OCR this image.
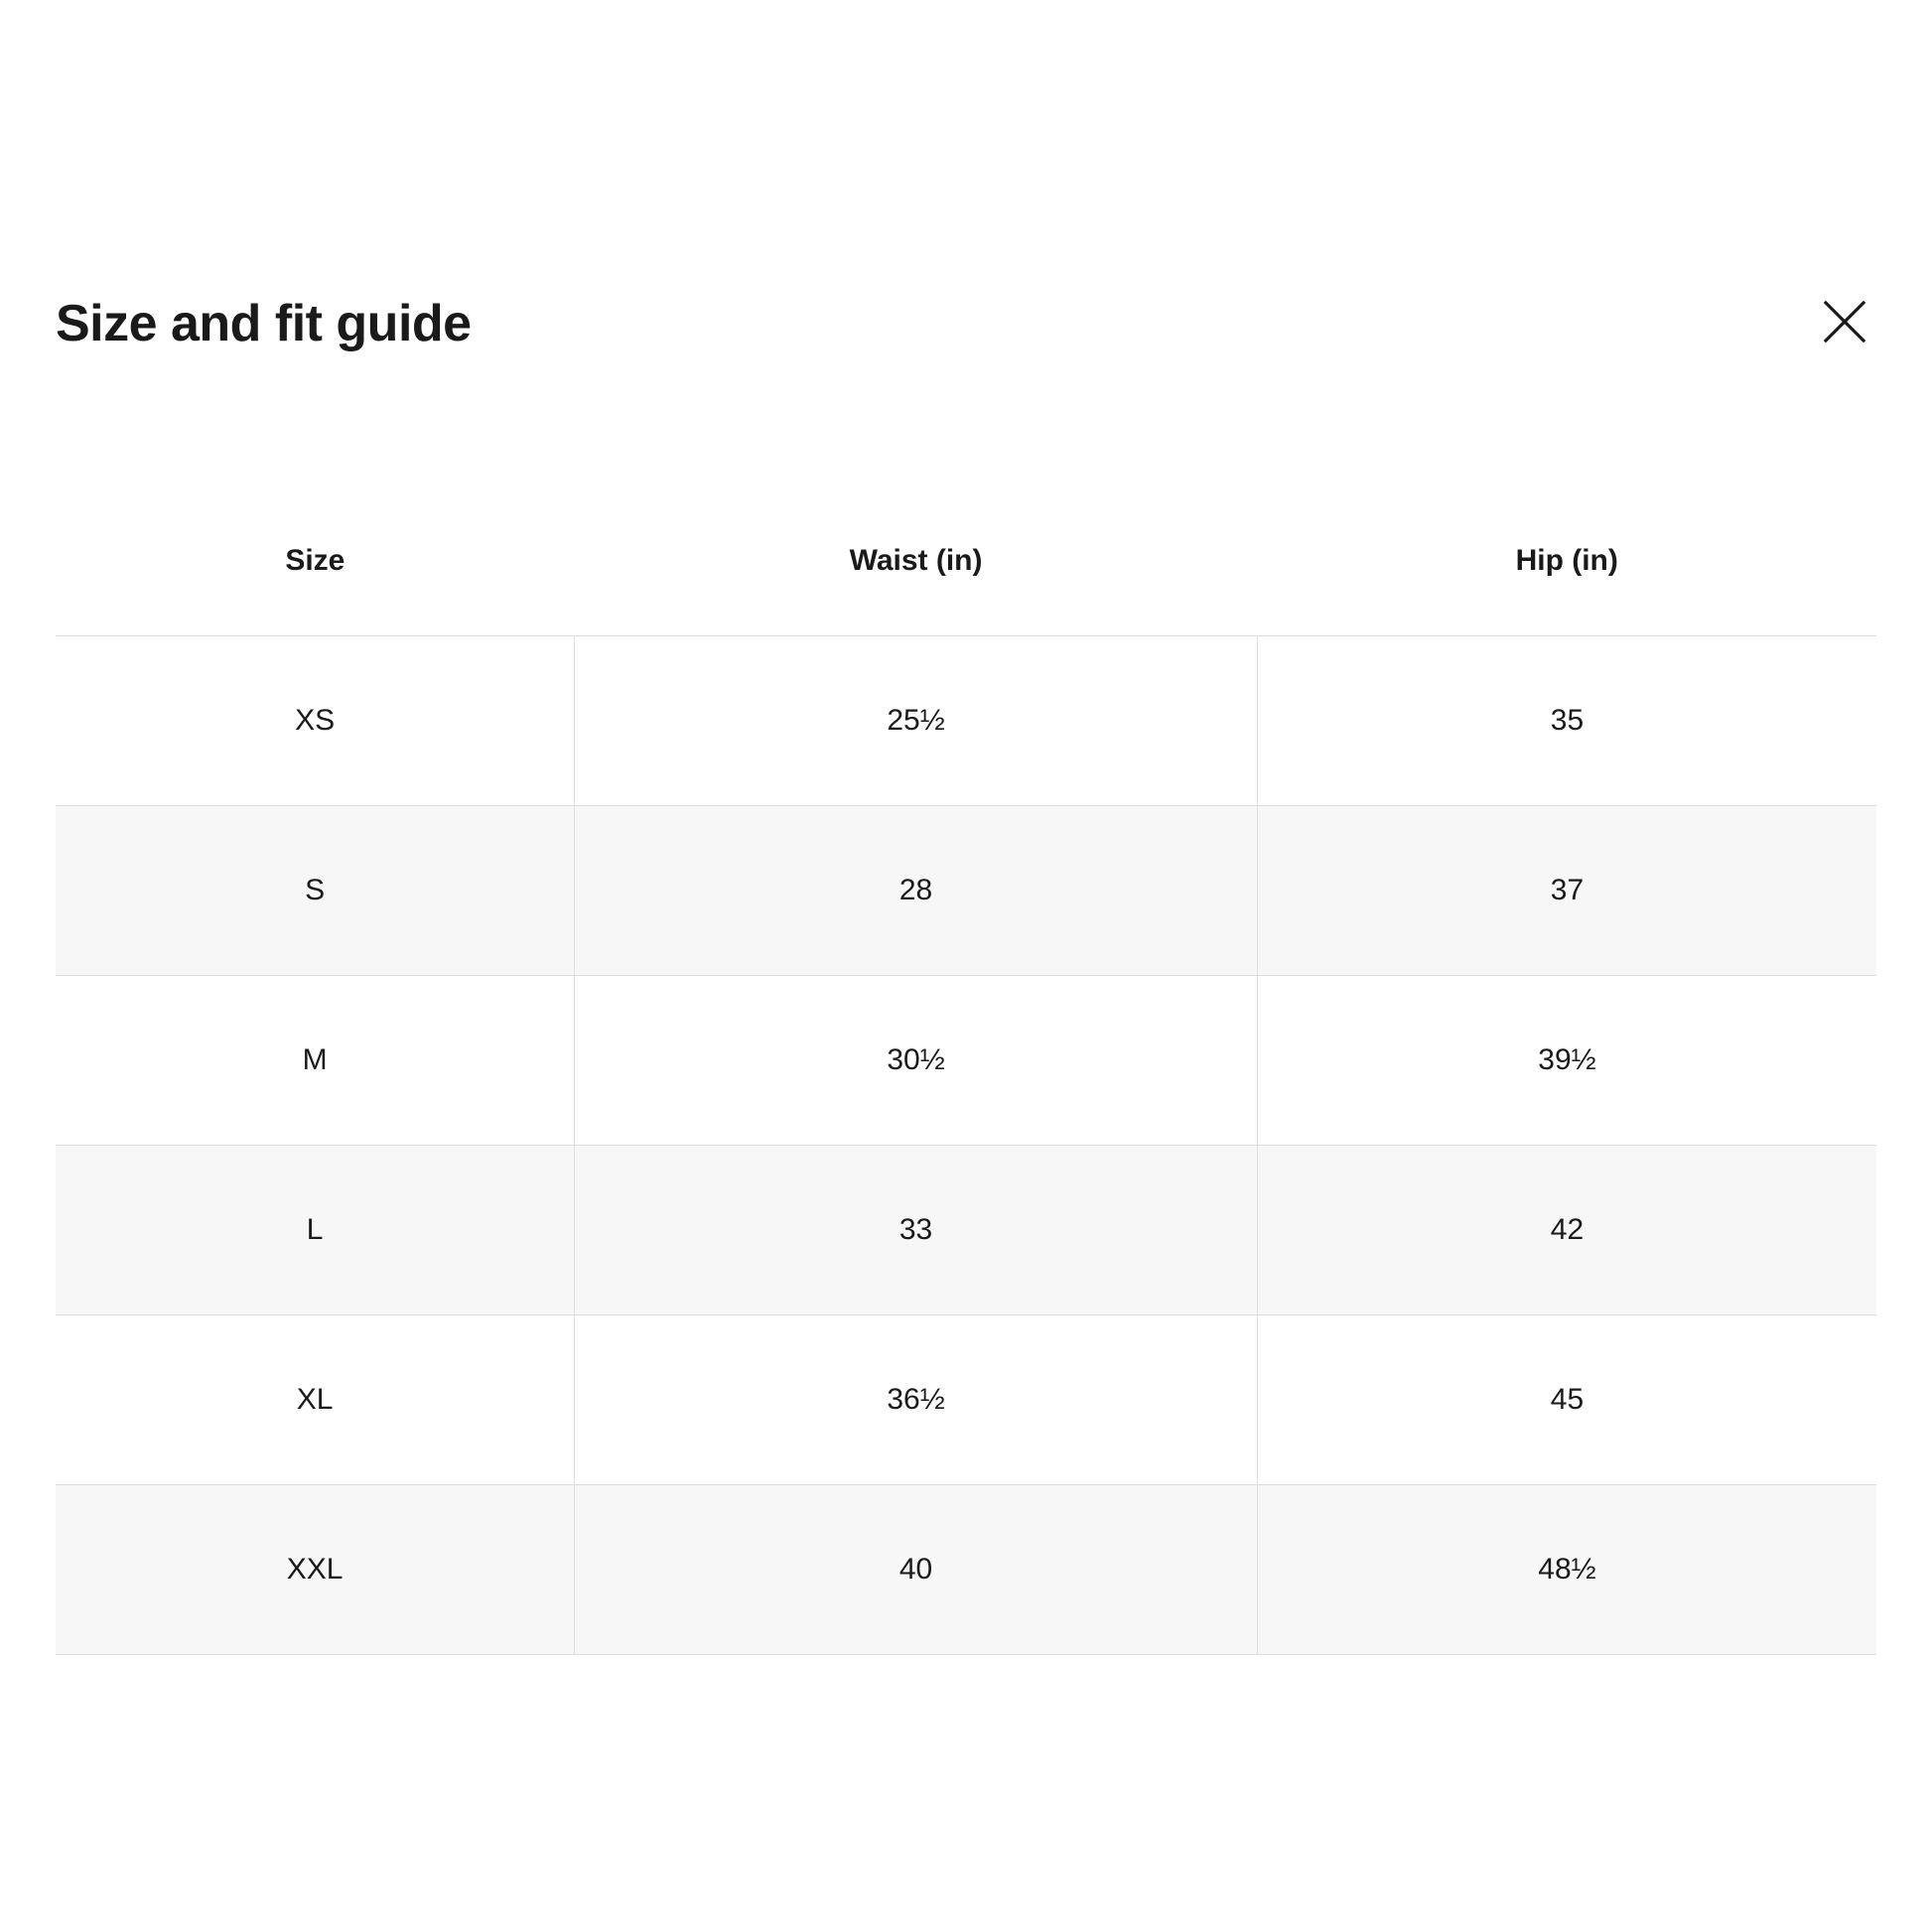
Size and fit guide
Size	Waist (in)	Hip (in)
XS	25½	35
S	28	37
M	30½	39½
L	33	42
XL	36½	45
XXL	40	48½
